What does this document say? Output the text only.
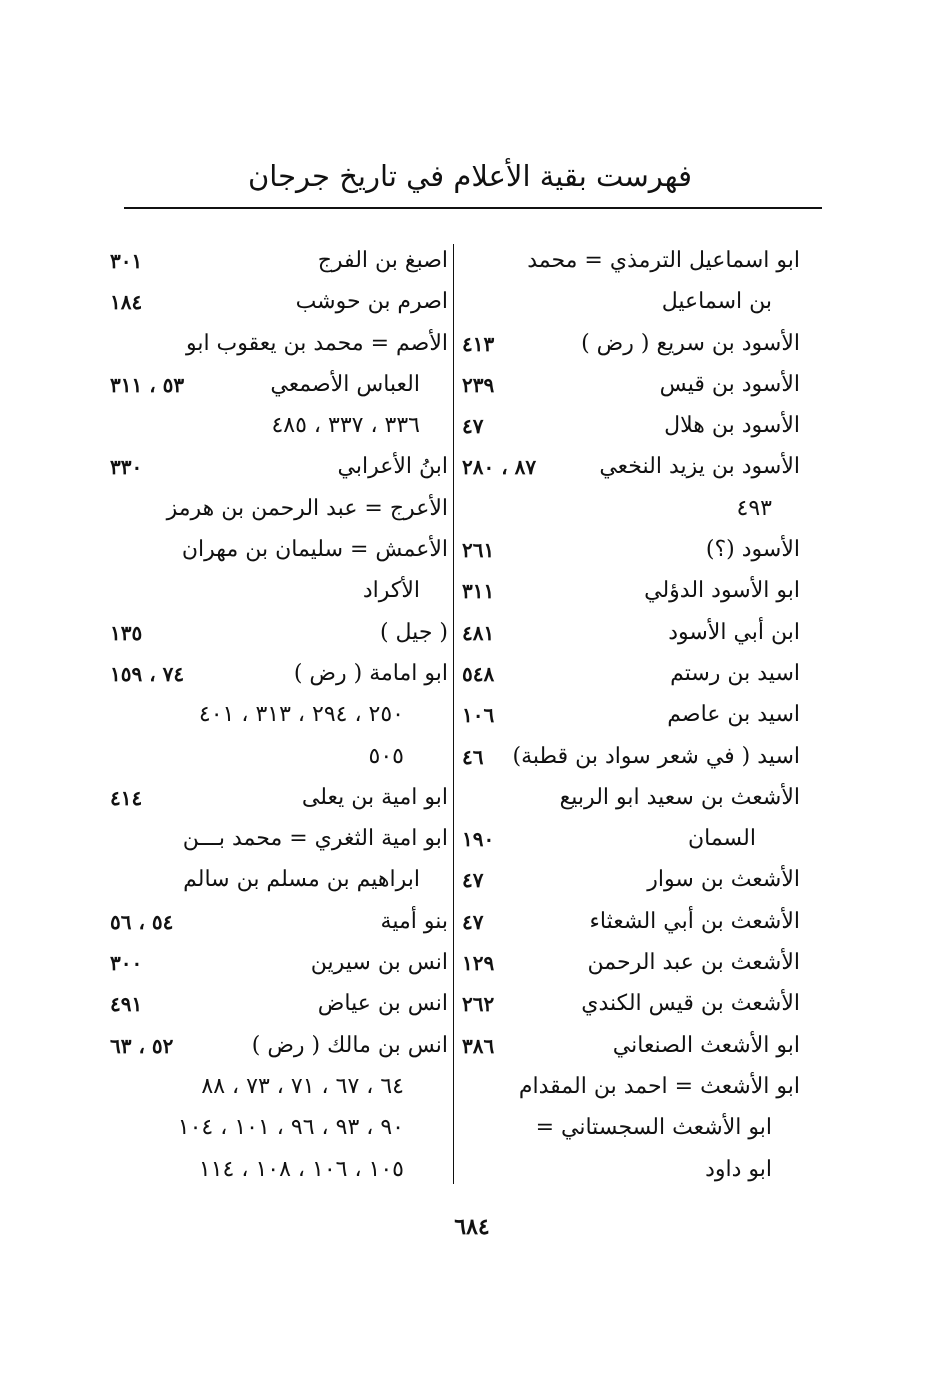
فهرست بقية الأعلام في تاريخ جرجان
ابو اسماعيل الترمذي = محمد
بن اسماعيل
الأسود بن سريع ( رض )
٤١٣
الأسود بن قيس
٢٣٩
الأسود بن هلال
٤٧
الأسود بن يزيد النخعي
٨٧ ، ٢٨٠
٤٩٣
الأسود (؟)
٢٦١
ابو الأسود الدؤلي
٣١١
ابن أبي الأسود
٤٨١
اسيد بن رستم
٥٤٨
اسيد بن عاصم
١٠٦
اسيد ( في شعر سواد بن قطبة)
٤٦
الأشعث بن سعيد ابو الربيع
السمان
١٩٠
الأشعث بن سوار
٤٧
الأشعث بن أبي الشعثاء
٤٧
الأشعث بن عبد الرحمن
١٢٩
الأشعث بن قيس الكندي
٢٦٢
ابو الأشعث الصنعاني
٣٨٦
ابو الأشعث = احمد بن المقدام
ابو الأشعث السجستاني =
ابو داود
اصبغ بن الفرج
٣٠١
اصرم بن حوشب
١٨٤
الأصم = محمد بن يعقوب ابو
العباس الأصمعي
٥٣ ، ٣١١
٣٣٦ ، ٣٣٧ ، ٤٨٥
ابنُ الأعرابي
٣٣٠
الأعرج = عبد الرحمن بن هرمز
الأعمش = سليمان بن مهران
الأكراد
( جيل )
١٣٥
ابو امامة ( رض )
٧٤ ، ١٥٩
٢٥٠ ، ٢٩٤ ، ٣١٣ ، ٤٠١
٥٠٥
ابو امية بن يعلى
٤١٤
ابو امية الثغري = محمد بـــن
ابراهيم بن مسلم بن سالم
بنو أمية
٥٤ ، ٥٦
انس بن سيرين
٣٠٠
انس بن عياض
٤٩١
انس بن مالك ( رض )
٥٢ ، ٦٣
٦٤ ، ٦٧ ، ٧١ ، ٧٣ ، ٨٨
٩٠ ، ٩٣ ، ٩٦ ، ١٠١ ، ١٠٤
١٠٥ ، ١٠٦ ، ١٠٨ ، ١١٤
٦٨٤
